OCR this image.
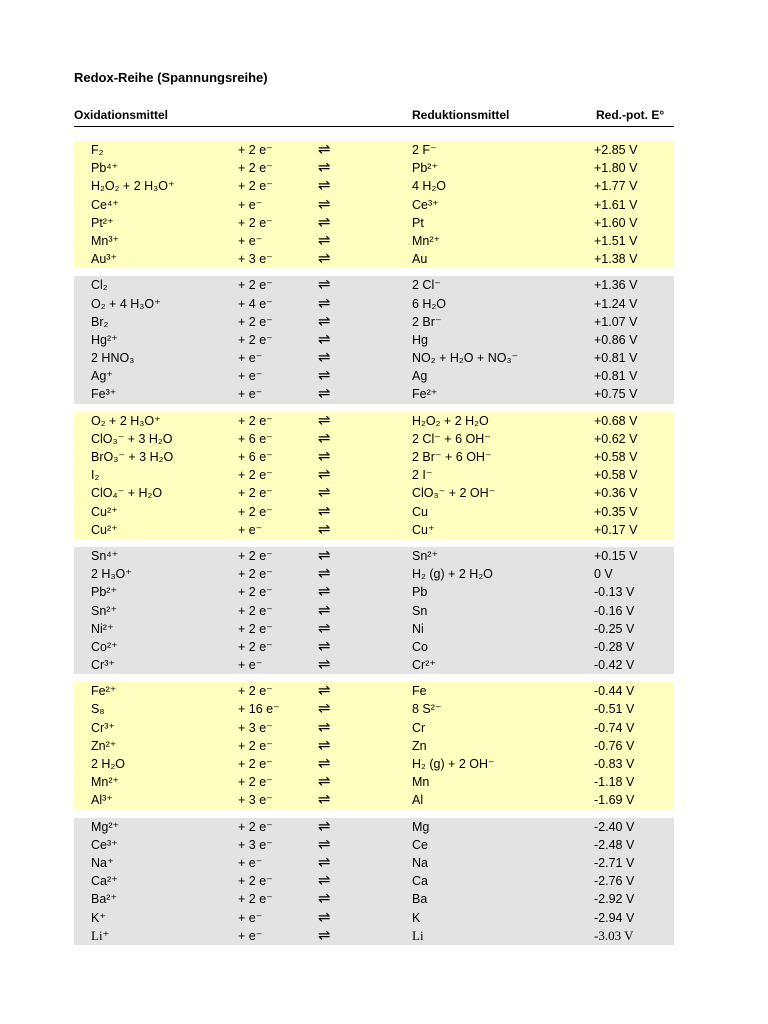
Redox-Reihe (Spannungsreihe)
Oxidationsmittel	Reduktionsmittel	Red.-pot. E°
F₂	+ 2 e⁻	⇌	2 F⁻	+2.85 V
Pb⁴⁺	+ 2 e⁻	⇌	Pb²⁺	+1.80 V
H₂O₂ + 2 H₃O⁺	+ 2 e⁻	⇌	4 H₂O	+1.77 V
Ce⁴⁺	+ e⁻	⇌	Ce³⁺	+1.61 V
Pt²⁺	+ 2 e⁻	⇌	Pt	+1.60 V
Mn³⁺	+ e⁻	⇌	Mn²⁺	+1.51 V
Au³⁺	+ 3 e⁻	⇌	Au	+1.38 V
Cl₂	+ 2 e⁻	⇌	2 Cl⁻	+1.36 V
O₂ + 4 H₃O⁺	+ 4 e⁻	⇌	6 H₂O	+1.24 V
Br₂	+ 2 e⁻	⇌	2 Br⁻	+1.07 V
Hg²⁺	+ 2 e⁻	⇌	Hg	+0.86 V
2 HNO₃	+ e⁻	⇌	NO₂ + H₂O + NO₃⁻	+0.81 V
Ag⁺	+ e⁻	⇌	Ag	+0.81 V
Fe³⁺	+ e⁻	⇌	Fe²⁺	+0.75 V
O₂ + 2 H₃O⁺	+ 2 e⁻	⇌	H₂O₂ + 2 H₂O	+0.68 V
ClO₃⁻ + 3 H₂O	+ 6 e⁻	⇌	2 Cl⁻ + 6 OH⁻	+0.62 V
BrO₃⁻ + 3 H₂O	+ 6 e⁻	⇌	2 Br⁻ + 6 OH⁻	+0.58 V
I₂	+ 2 e⁻	⇌	2 I⁻	+0.58 V
ClO₄⁻ + H₂O	+ 2 e⁻	⇌	ClO₃⁻ + 2 OH⁻	+0.36 V
Cu²⁺	+ 2 e⁻	⇌	Cu	+0.35 V
Cu²⁺	+ e⁻	⇌	Cu⁺	+0.17 V
Sn⁴⁺	+ 2 e⁻	⇌	Sn²⁺	+0.15 V
2 H₃O⁺	+ 2 e⁻	⇌	H₂ (g) + 2 H₂O	0 V
Pb²⁺	+ 2 e⁻	⇌	Pb	-0.13 V
Sn²⁺	+ 2 e⁻	⇌	Sn	-0.16 V
Ni²⁺	+ 2 e⁻	⇌	Ni	-0.25 V
Co²⁺	+ 2 e⁻	⇌	Co	-0.28 V
Cr³⁺	+ e⁻	⇌	Cr²⁺	-0.42 V
Fe²⁺	+ 2 e⁻	⇌	Fe	-0.44 V
S₈	+ 16 e⁻	⇌	8 S²⁻	-0.51 V
Cr³⁺	+ 3 e⁻	⇌	Cr	-0.74 V
Zn²⁺	+ 2 e⁻	⇌	Zn	-0.76 V
2 H₂O	+ 2 e⁻	⇌	H₂ (g) + 2 OH⁻	-0.83 V
Mn²⁺	+ 2 e⁻	⇌	Mn	-1.18 V
Al³⁺	+ 3 e⁻	⇌	Al	-1.69 V
Mg²⁺	+ 2 e⁻	⇌	Mg	-2.40 V
Ce³⁺	+ 3 e⁻	⇌	Ce	-2.48 V
Na⁺	+ e⁻	⇌	Na	-2.71 V
Ca²⁺	+ 2 e⁻	⇌	Ca	-2.76 V
Ba²⁺	+ 2 e⁻	⇌	Ba	-2.92 V
K⁺	+ e⁻	⇌	K	-2.94 V
Li⁺	+ e⁻	⇌	Li	-3.03 V
